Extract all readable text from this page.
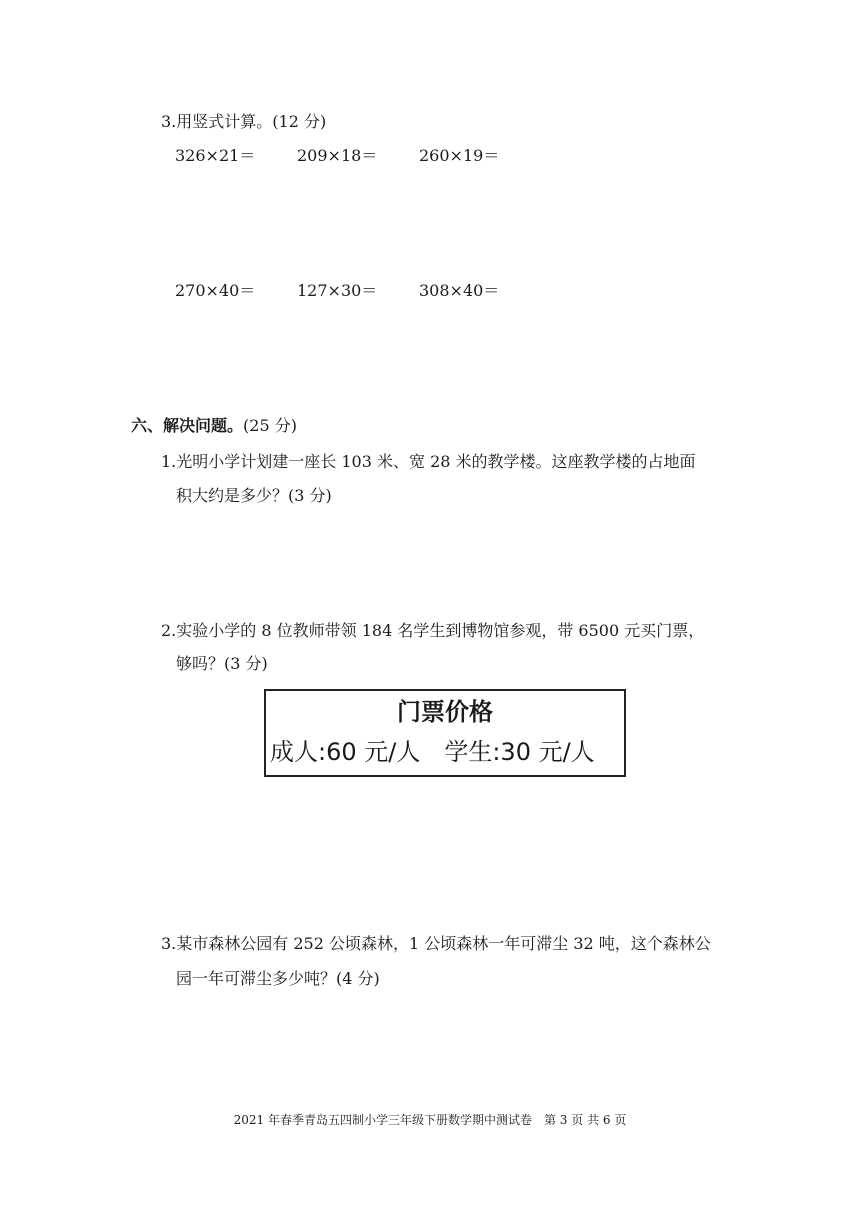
3.用竖式计算。(12 分)
326×21＝	209×18＝	260×19＝
270×40＝	127×30＝	308×40＝
六、解决问题。(25 分)
1.光明小学计划建一座长 103 米、宽 28 米的教学楼。这座教学楼的占地面
积大约是多少？(3 分)
2.实验小学的 8 位教师带领 184 名学生到博物馆参观，带 6500 元买门票，
够吗？(3 分)
门票价格
成人:60 元/人　学生:30 元/人
3.某市森林公园有 252 公顷森林，1 公顷森林一年可滞尘 32 吨，这个森林公
园一年可滞尘多少吨？(4 分)
2021 年春季青岛五四制小学三年级下册数学期中测试卷　第 3 页 共 6 页
